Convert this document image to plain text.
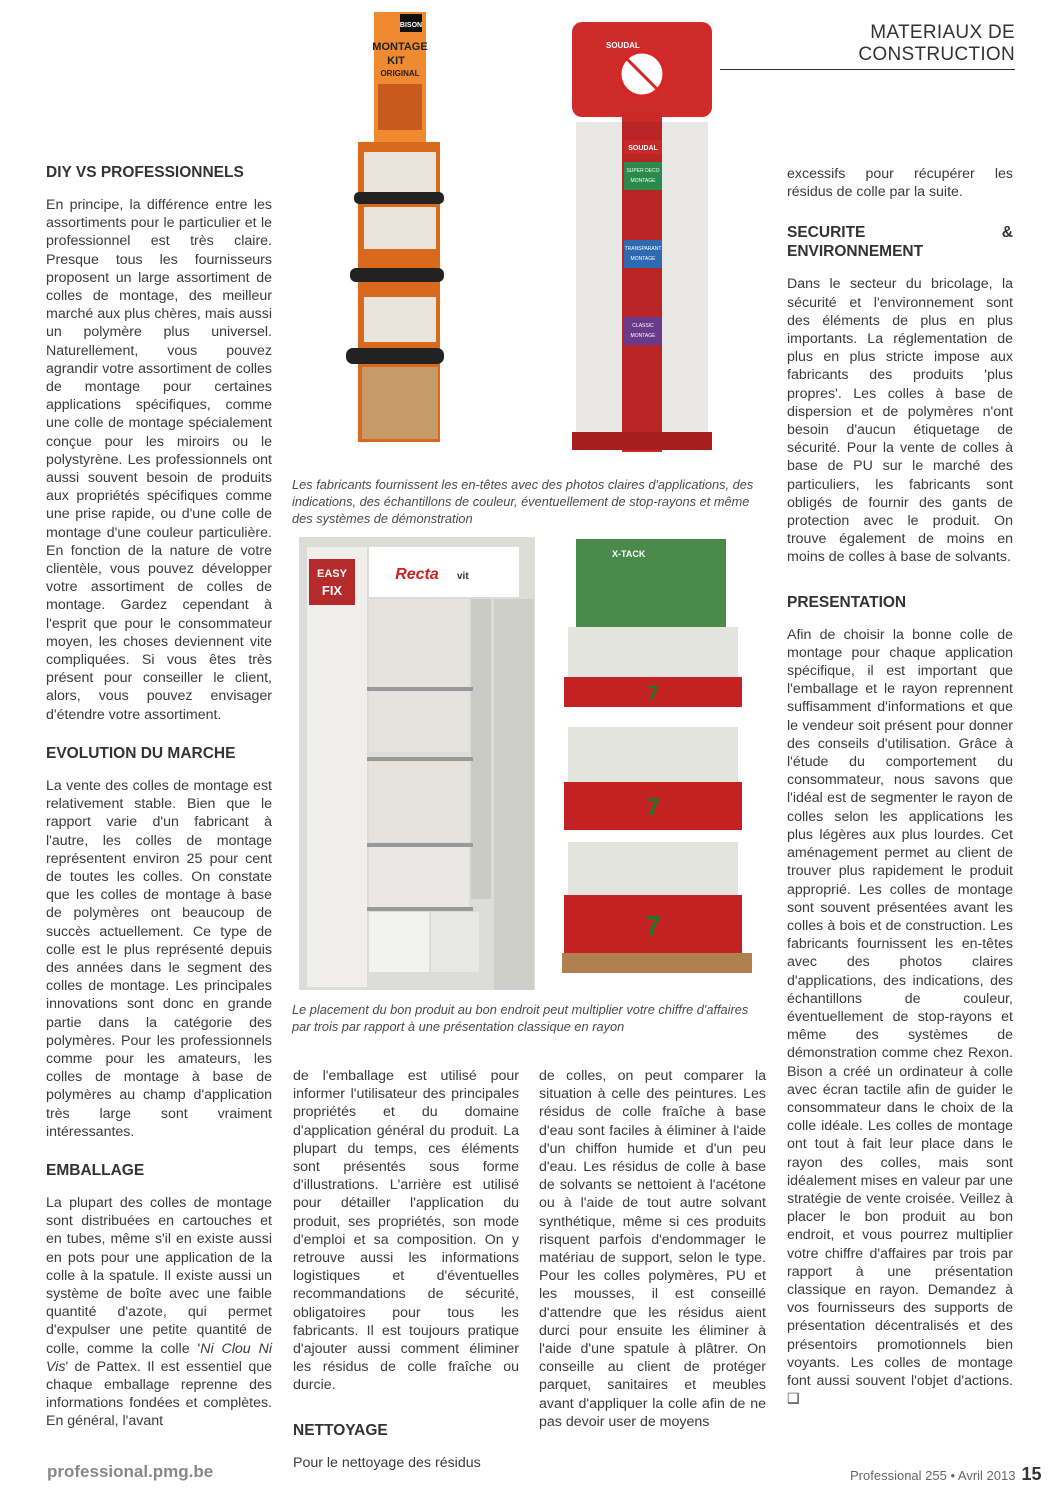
MATERIAUX DE CONSTRUCTION
DIY VS PROFESSIONNELS

En principe, la différence entre les assortiments pour le particulier et le professionnel est très claire. Presque tous les fournisseurs proposent un large assortiment de colles de montage, des meilleur marché aux plus chères, mais aussi un polymère plus universel. Naturellement, vous pouvez agrandir votre assortiment de colles de montage pour certaines applications spécifiques, comme une colle de montage spécialement conçue pour les miroirs ou le polystyrène. Les professionnels ont aussi souvent besoin de produits aux propriétés spécifiques comme une prise rapide, ou d'une colle de montage d'une couleur particulière. En fonction de la nature de votre clientèle, vous pouvez développer votre assortiment de colles de montage. Gardez cependant à l'esprit que pour le consommateur moyen, les choses deviennent vite compliquées. Si vous êtes très présent pour conseiller le client, alors, vous pouvez envisager d'étendre votre assortiment.

EVOLUTION DU MARCHE

La vente des colles de montage est relativement stable. Bien que le rapport varie d'un fabricant à l'autre, les colles de montage représentent environ 25 pour cent de toutes les colles. On constate que les colles de montage à base de polymères ont beaucoup de succès actuellement. Ce type de colle est le plus représenté depuis des années dans le segment des colles de montage. Les principales innovations sont donc en grande partie dans la catégorie des polymères. Pour les professionnels comme pour les amateurs, les colles de montage à base de polymères au champ d'application très large sont vraiment intéressantes.

EMBALLAGE

La plupart des colles de montage sont distribuées en cartouches et en tubes, même s'il en existe aussi en pots pour une application de la colle à la spatule. Il existe aussi un système de boîte avec une faible quantité d'azote, qui permet d'expulser une petite quantité de colle, comme la colle 'Ni Clou Ni Vis' de Pattex. Il est essentiel que chaque emballage reprenne des informations fondées et complètes. En général, l'avant

de l'emballage est utilisé pour informer l'utilisateur des principales propriétés et du domaine d'application général du produit. La plupart du temps, ces éléments sont présentés sous forme d'illustrations. L'arrière est utilisé pour détailler l'application du produit, ses propriétés, son mode d'emploi et sa composition. On y retrouve aussi les informations logistiques et d'éventuelles recommandations de sécurité, obligatoires pour tous les fabricants. Il est toujours pratique d'ajouter aussi comment éliminer les résidus de colle fraîche ou durcie.

NETTOYAGE

Pour le nettoyage des résidus

de colles, on peut comparer la situation à celle des peintures. Les résidus de colle fraîche à base d'eau sont faciles à éliminer à l'aide d'un chiffon humide et d'un peu d'eau. Les résidus de colle à base de solvants se nettoient à l'acétone ou à l'aide de tout autre solvant synthétique, même si ces produits risquent parfois d'endommager le matériau de support, selon le type. Pour les colles polymères, PU et les mousses, il est conseillé d'attendre que les résidus aient durci pour ensuite les éliminer à l'aide d'une spatule à plâtrer. On conseille au client de protéger parquet, sanitaires et meubles avant d'appliquer la colle afin de ne pas devoir user de moyens

excessifs pour récupérer les résidus de colle par la suite.

SECURITE & ENVIRONNEMENT

Dans le secteur du bricolage, la sécurité et l'environnement sont des éléments de plus en plus importants. La réglementation de plus en plus stricte impose aux fabricants des produits 'plus propres'. Les colles à base de dispersion et de polymères n'ont besoin d'aucun étiquetage de sécurité. Pour la vente de colles à base de PU sur le marché des particuliers, les fabricants sont obligés de fournir des gants de protection avec le produit. On trouve également de moins en moins de colles à base de solvants.

PRESENTATION

Afin de choisir la bonne colle de montage pour chaque application spécifique, il est important que l'emballage et le rayon reprennent suffisamment d'informations et que le vendeur soit présent pour donner des conseils d'utilisation. Grâce à l'étude du comportement du consommateur, nous savons que l'idéal est de segmenter le rayon de colles selon les applications les plus légères aux plus lourdes. Cet aménagement permet au client de trouver plus rapidement le produit approprié. Les colles de montage sont souvent présentées avant les colles à bois et de construction. Les fabricants fournissent les en-têtes avec des photos claires d'applications, des indications, des échantillons de couleur, éventuellement de stop-rayons et même des systèmes de démonstration comme chez Rexon. Bison a créé un ordinateur à colle avec écran tactile afin de guider le consommateur dans le choix de la colle idéale. Les colles de montage ont tout à fait leur place dans le rayon des colles, mais sont idéalement mises en valeur par une stratégie de vente croisée. Veillez à placer le bon produit au bon endroit, et vous pourrez multiplier votre chiffre d'affaires par trois par rapport à une présentation classique en rayon. Demandez à vos fournisseurs des supports de présentation décentralisés et des présentoirs promotionnels bien voyants. Les colles de montage font aussi souvent l'objet d'actions. ❑

BISON
MONTAGE
KIT
ORIGINAL
SOUDAL
SOUDAL
SUPER DECO
MONTAGE
TRANSPARANT
MONTAGE
CLASSIC
MONTAGE
Les fabricants fournissent les en-têtes avec des photos claires d'applications, des indications, des échantillons de couleur, éventuellement de stop-rayons et même des systèmes de démonstration
EASY
FIX
Recta vit
X-TACK
7
7
7
Le placement du bon produit au bon endroit peut multiplier votre chiffre d'affaires par trois par rapport à une présentation classique en rayon
professional.pmg.be	Professional 255 • Avril 2013 15
